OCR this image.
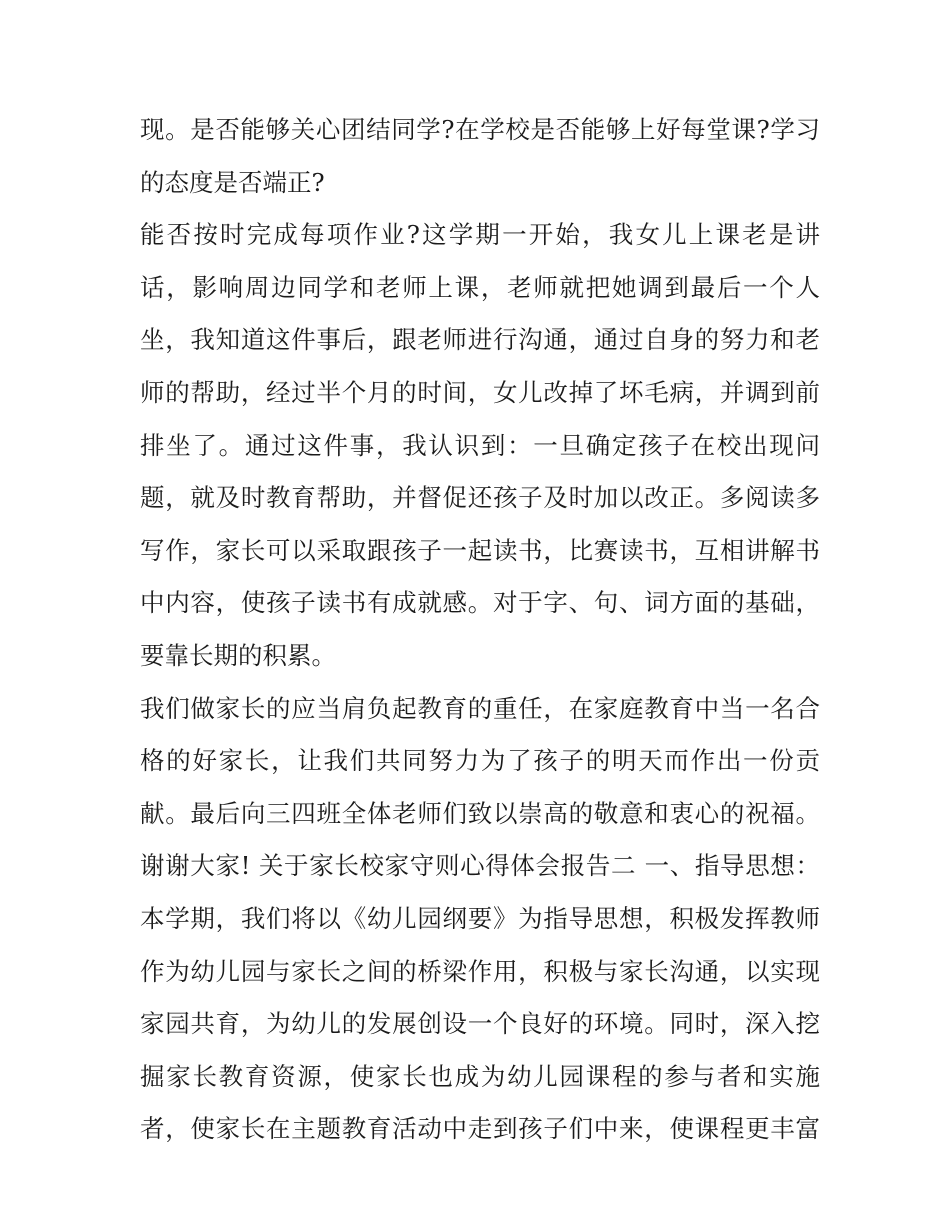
现。是否能够关心团结同学?在学校是否能够上好每堂课?学习
的态度是否端正?
能否按时完成每项作业?这学期一开始，我女儿上课老是讲
话，影响周边同学和老师上课，老师就把她调到最后一个人
坐，我知道这件事后，跟老师进行沟通，通过自身的努力和老
师的帮助，经过半个月的时间，女儿改掉了坏毛病，并调到前
排坐了。通过这件事，我认识到：一旦确定孩子在校出现问
题，就及时教育帮助，并督促还孩子及时加以改正。多阅读多
写作，家长可以采取跟孩子一起读书，比赛读书，互相讲解书
中内容，使孩子读书有成就感。对于字、句、词方面的基础，
要靠长期的积累。
我们做家长的应当肩负起教育的重任，在家庭教育中当一名合
格的好家长，让我们共同努力为了孩子的明天而作出一份贡
献。最后向三四班全体老师们致以崇高的敬意和衷心的祝福。
谢谢大家! 关于家长校家守则心得体会报告二 一、指导思想：
本学期，我们将以《幼儿园纲要》为指导思想，积极发挥教师
作为幼儿园与家长之间的桥梁作用，积极与家长沟通，以实现
家园共育，为幼儿的发展创设一个良好的环境。同时，深入挖
掘家长教育资源，使家长也成为幼儿园课程的参与者和实施
者，使家长在主题教育活动中走到孩子们中来，使课程更丰富
